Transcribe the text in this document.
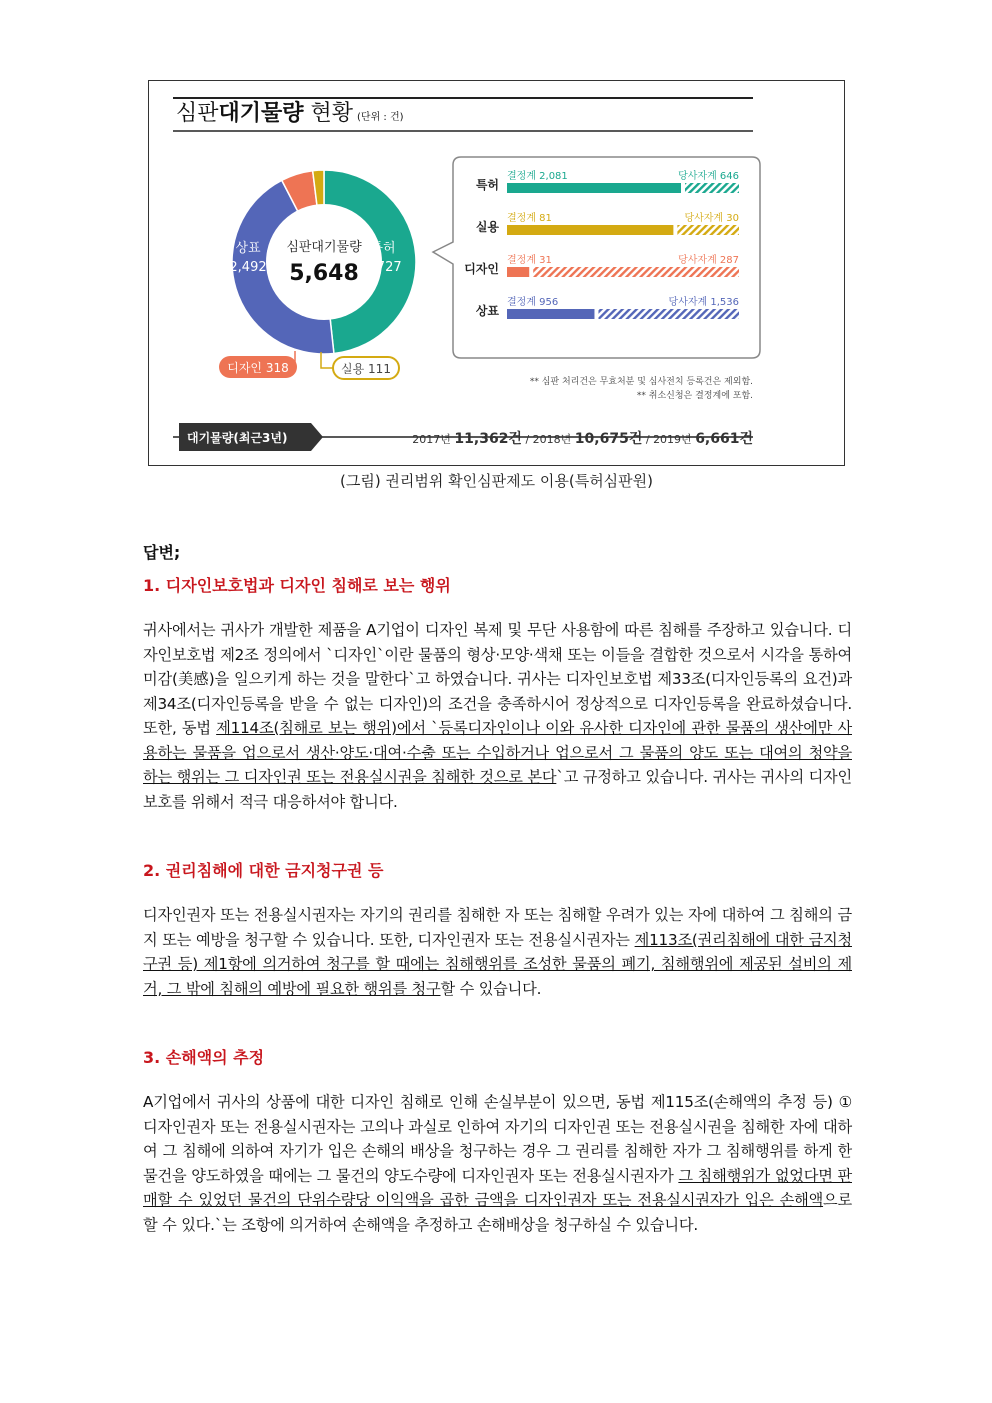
심판대기물량 현황 (단위 : 건)
심판대기물량
5,648
상표
2,492
특허
2,727
디자인 318	실용 111
특허
결정계 2,081	당사자계 646
실용
결정계 81	당사자계 30
디자인
결정계 31	당사자계 287
상표
결정계 956	당사자계 1,536
** 심판 처리건은 무효처분 및 심사전치 등록건은 제외함.
** 취소신청은 결정계에 포함.
대기물량(최근3년)	2017년 11,362건 / 2018년 10,675건 / 2019년 6,661건
(그림) 권리범위 확인심판제도 이용(특허심판원)

답변;

1. 디자인보호법과 디자인 침해로 보는 행위

귀사에서는 귀사가 개발한 제품을 A기업이 디자인 복제 및 무단 사용함에 따른 침해를 주장하고 있습니다. 디자인보호법 제2조 정의에서 `디자인`이란 물품의 형상·모양·색채 또는 이들을 결합한 것으로서 시각을 통하여 미감(美感)을 일으키게 하는 것을 말한다`고 하였습니다. 귀사는 디자인보호법 제33조(디자인등록의 요건)과 제34조(디자인등록을 받을 수 없는 디자인)의 조건을 충족하시어 정상적으로 디자인등록을 완료하셨습니다. 또한, 동법 제114조(침해로 보는 행위)에서 `등록디자인이나 이와 유사한 디자인에 관한 물품의 생산에만 사용하는 물품을 업으로서 생산·양도·대여·수출 또는 수입하거나 업으로서 그 물품의 양도 또는 대여의 청약을 하는 행위는 그 디자인권 또는 전용실시권을 침해한 것으로 본다`고 규정하고 있습니다. 귀사는 귀사의 디자인보호를 위해서 적극 대응하셔야 합니다.

2. 권리침해에 대한 금지청구권 등

디자인권자 또는 전용실시권자는 자기의 권리를 침해한 자 또는 침해할 우려가 있는 자에 대하여 그 침해의 금지 또는 예방을 청구할 수 있습니다. 또한, 디자인권자 또는 전용실시권자는 제113조(권리침해에 대한 금지청구권 등) 제1항에 의거하여 청구를 할 때에는 침해행위를 조성한 물품의 폐기, 침해행위에 제공된 설비의 제거, 그 밖에 침해의 예방에 필요한 행위를 청구할 수 있습니다.

3. 손해액의 추정

A기업에서 귀사의 상품에 대한 디자인 침해로 인해 손실부분이 있으면, 동법 제115조(손해액의 추정 등) ① 디자인권자 또는 전용실시권자는 고의나 과실로 인하여 자기의 디자인권 또는 전용실시권을 침해한 자에 대하여 그 침해에 의하여 자기가 입은 손해의 배상을 청구하는 경우 그 권리를 침해한 자가 그 침해행위를 하게 한 물건을 양도하였을 때에는 그 물건의 양도수량에 디자인권자 또는 전용실시권자가 그 침해행위가 없었다면 판매할 수 있었던 물건의 단위수량당 이익액을 곱한 금액을 디자인권자 또는 전용실시권자가 입은 손해액으로 할 수 있다.`는 조항에 의거하여 손해액을 추정하고 손해배상을 청구하실 수 있습니다.
